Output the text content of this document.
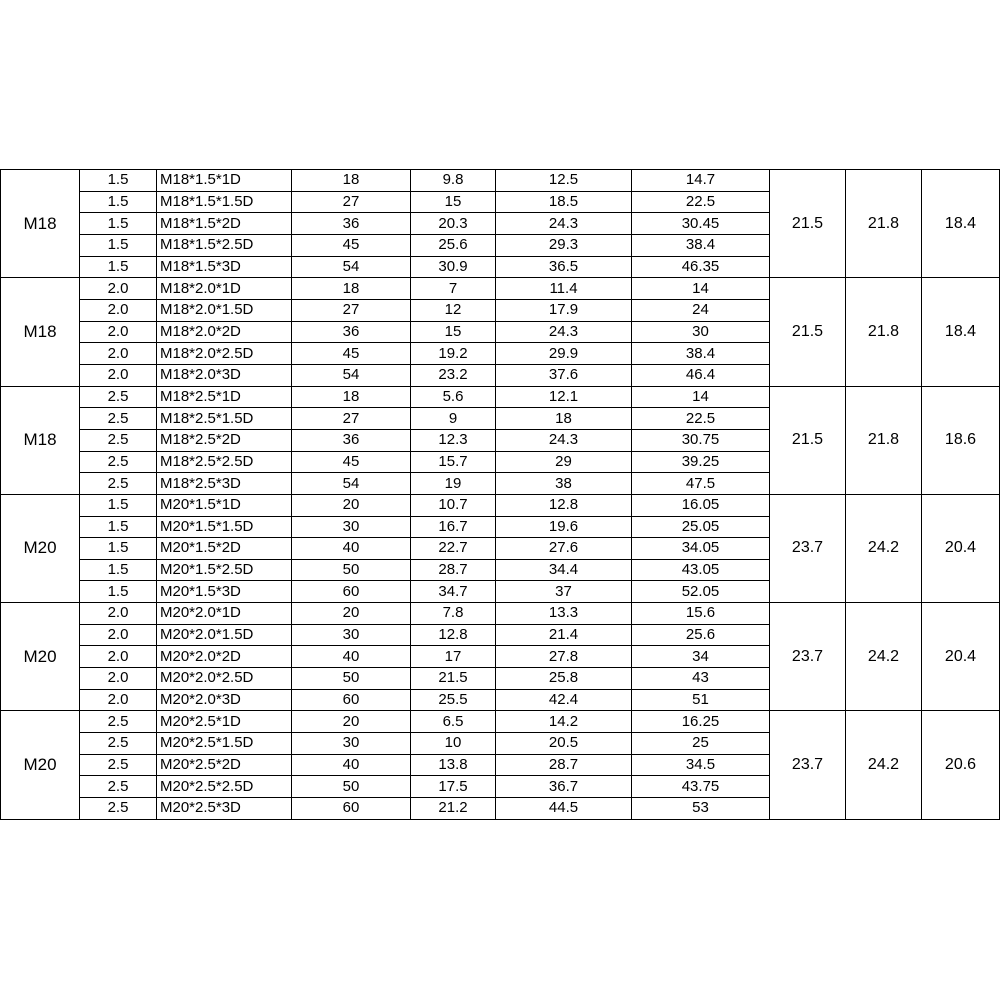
M18	1.5	M18*1.5*1D	18	9.8	12.5	14.7	21.5	21.8	18.4
	1.5	M18*1.5*1.5D	27	15	18.5	22.5			
	1.5	M18*1.5*2D	36	20.3	24.3	30.45			
	1.5	M18*1.5*2.5D	45	25.6	29.3	38.4			
	1.5	M18*1.5*3D	54	30.9	36.5	46.35			
M18	2.0	M18*2.0*1D	18	7	11.4	14	21.5	21.8	18.4
	2.0	M18*2.0*1.5D	27	12	17.9	24			
	2.0	M18*2.0*2D	36	15	24.3	30			
	2.0	M18*2.0*2.5D	45	19.2	29.9	38.4			
	2.0	M18*2.0*3D	54	23.2	37.6	46.4			
M18	2.5	M18*2.5*1D	18	5.6	12.1	14	21.5	21.8	18.6
	2.5	M18*2.5*1.5D	27	9	18	22.5			
	2.5	M18*2.5*2D	36	12.3	24.3	30.75			
	2.5	M18*2.5*2.5D	45	15.7	29	39.25			
	2.5	M18*2.5*3D	54	19	38	47.5			
M20	1.5	M20*1.5*1D	20	10.7	12.8	16.05	23.7	24.2	20.4
	1.5	M20*1.5*1.5D	30	16.7	19.6	25.05			
	1.5	M20*1.5*2D	40	22.7	27.6	34.05			
	1.5	M20*1.5*2.5D	50	28.7	34.4	43.05			
	1.5	M20*1.5*3D	60	34.7	37	52.05			
M20	2.0	M20*2.0*1D	20	7.8	13.3	15.6	23.7	24.2	20.4
	2.0	M20*2.0*1.5D	30	12.8	21.4	25.6			
	2.0	M20*2.0*2D	40	17	27.8	34			
	2.0	M20*2.0*2.5D	50	21.5	25.8	43			
	2.0	M20*2.0*3D	60	25.5	42.4	51			
M20	2.5	M20*2.5*1D	20	6.5	14.2	16.25	23.7	24.2	20.6
	2.5	M20*2.5*1.5D	30	10	20.5	25			
	2.5	M20*2.5*2D	40	13.8	28.7	34.5			
	2.5	M20*2.5*2.5D	50	17.5	36.7	43.75			
	2.5	M20*2.5*3D	60	21.2	44.5	53			
